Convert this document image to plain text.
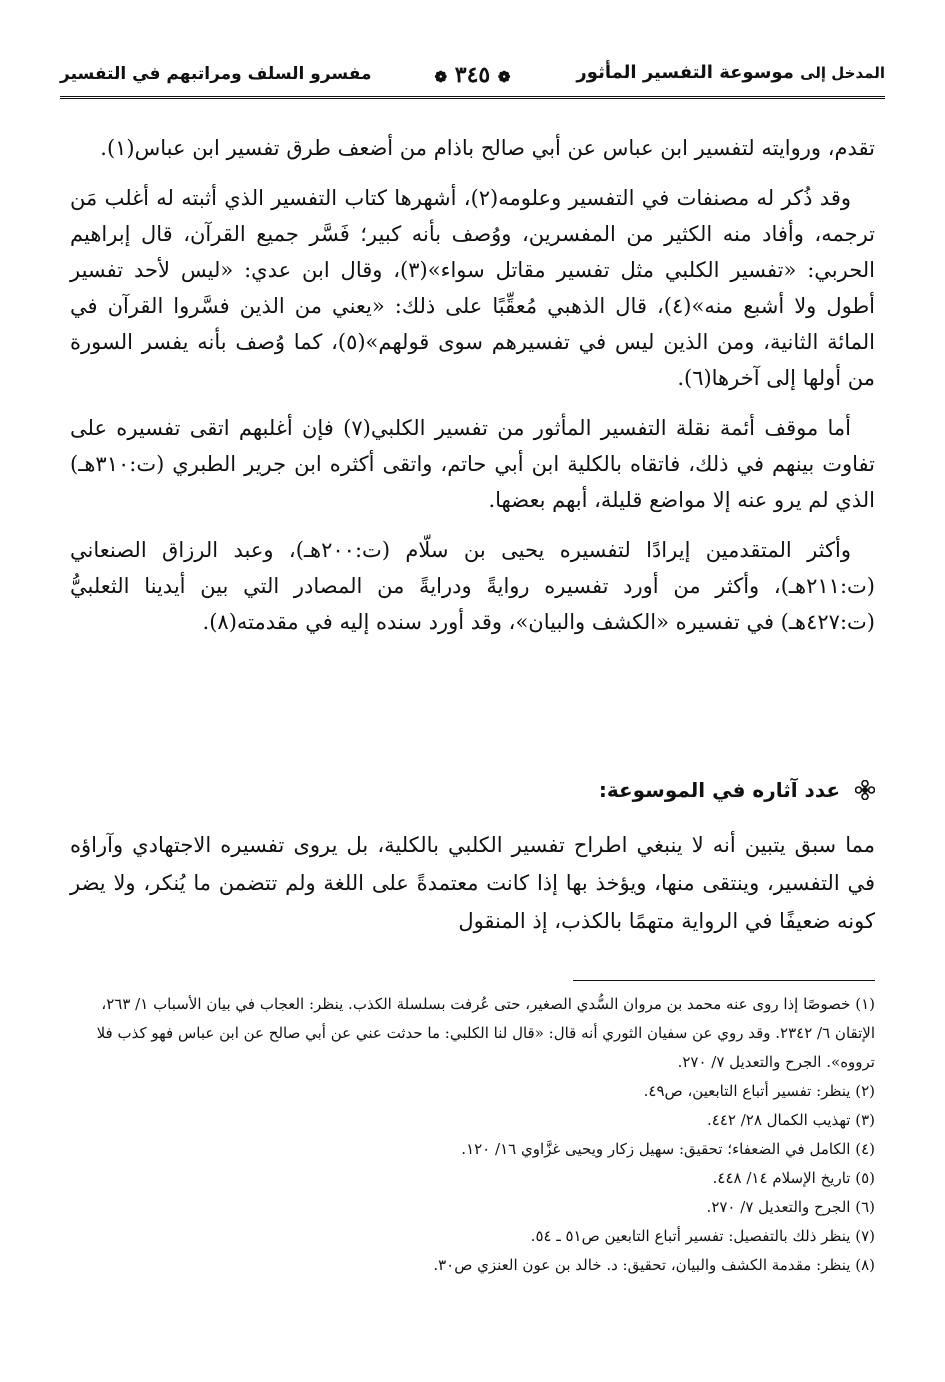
المدخل إلى موسوعة التفسير المأثور
❁ ٣٤٥ ❁
مفسرو السلف ومراتبهم في التفسير

تقدم، وروايته لتفسير ابن عباس عن أبي صالح باذام من أضعف طرق تفسير ابن عباس(١).

وقد ذُكر له مصنفات في التفسير وعلومه(٢)، أشهرها كتاب التفسير الذي أثبته له أغلب مَن ترجمه، وأفاد منه الكثير من المفسرين، ووُصف بأنه كبير؛ فَسَّر جميع القرآن، قال إبراهيم الحربي: «تفسير الكلبي مثل تفسير مقاتل سواء»(٣)، وقال ابن عدي: «ليس لأحد تفسير أطول ولا أشبع منه»(٤)، قال الذهبي مُعقِّبًا على ذلك: «يعني من الذين فسَّروا القرآن في المائة الثانية، ومن الذين ليس في تفسيرهم سوى قولهم»(٥)، كما وُصف بأنه يفسر السورة من أولها إلى آخرها(٦).

أما موقف أئمة نقلة التفسير المأثور من تفسير الكلبي(٧) فإن أغلبهم اتقى تفسيره على تفاوت بينهم في ذلك، فاتقاه بالكلية ابن أبي حاتم، واتقى أكثره ابن جرير الطبري (ت:٣١٠هـ) الذي لم يرو عنه إلا مواضع قليلة، أبهم بعضها.

وأكثر المتقدمين إيرادًا لتفسيره يحيى بن سلّام (ت:٢٠٠هـ)، وعبد الرزاق الصنعاني (ت:٢١١هـ)، وأكثر من أورد تفسيره روايةً ودرايةً من المصادر التي بين أيدينا الثعلبيُّ (ت:٤٢٧هـ) في تفسيره «الكشف والبيان»، وقد أورد سنده إليه في مقدمته(٨).

عدد آثاره في الموسوعة:
مما سبق يتبين أنه لا ينبغي اطراح تفسير الكلبي بالكلية، بل يروى تفسيره الاجتهادي وآراؤه في التفسير، وينتقى منها، ويؤخذ بها إذا كانت معتمدةً على اللغة ولم تتضمن ما يُنكر، ولا يضر كونه ضعيفًا في الرواية متهمًا بالكذب، إذ المنقول
(١) خصوصًا إذا روى عنه محمد بن مروان السُّدي الصغير، حتى عُرفت بسلسلة الكذب. ينظر: العجاب في بيان الأسباب ١/ ٢٦٣، الإتقان ٦/ ٢٣٤٢. وقد روي عن سفيان الثوري أنه قال: «قال لنا الكلبي: ما حدثت عني عن أبي صالح عن ابن عباس فهو كذب فلا ترووه». الجرح والتعديل ٧/ ٢٧٠.
(٢) ينظر: تفسير أتباع التابعين، ص٤٩.
(٣) تهذيب الكمال ٢٨/ ٤٤٢.
(٤) الكامل في الضعفاء؛ تحقيق: سهيل زكار ويحيى غزَّاوي ١٦/ ١٢٠.
(٥) تاريخ الإسلام ١٤/ ٤٤٨.
(٦) الجرح والتعديل ٧/ ٢٧٠.
(٧) ينظر ذلك بالتفصيل: تفسير أتباع التابعين ص٥١ ـ ٥٤.
(٨) ينظر: مقدمة الكشف والبيان، تحقيق: د. خالد بن عون العنزي ص٣٠.
